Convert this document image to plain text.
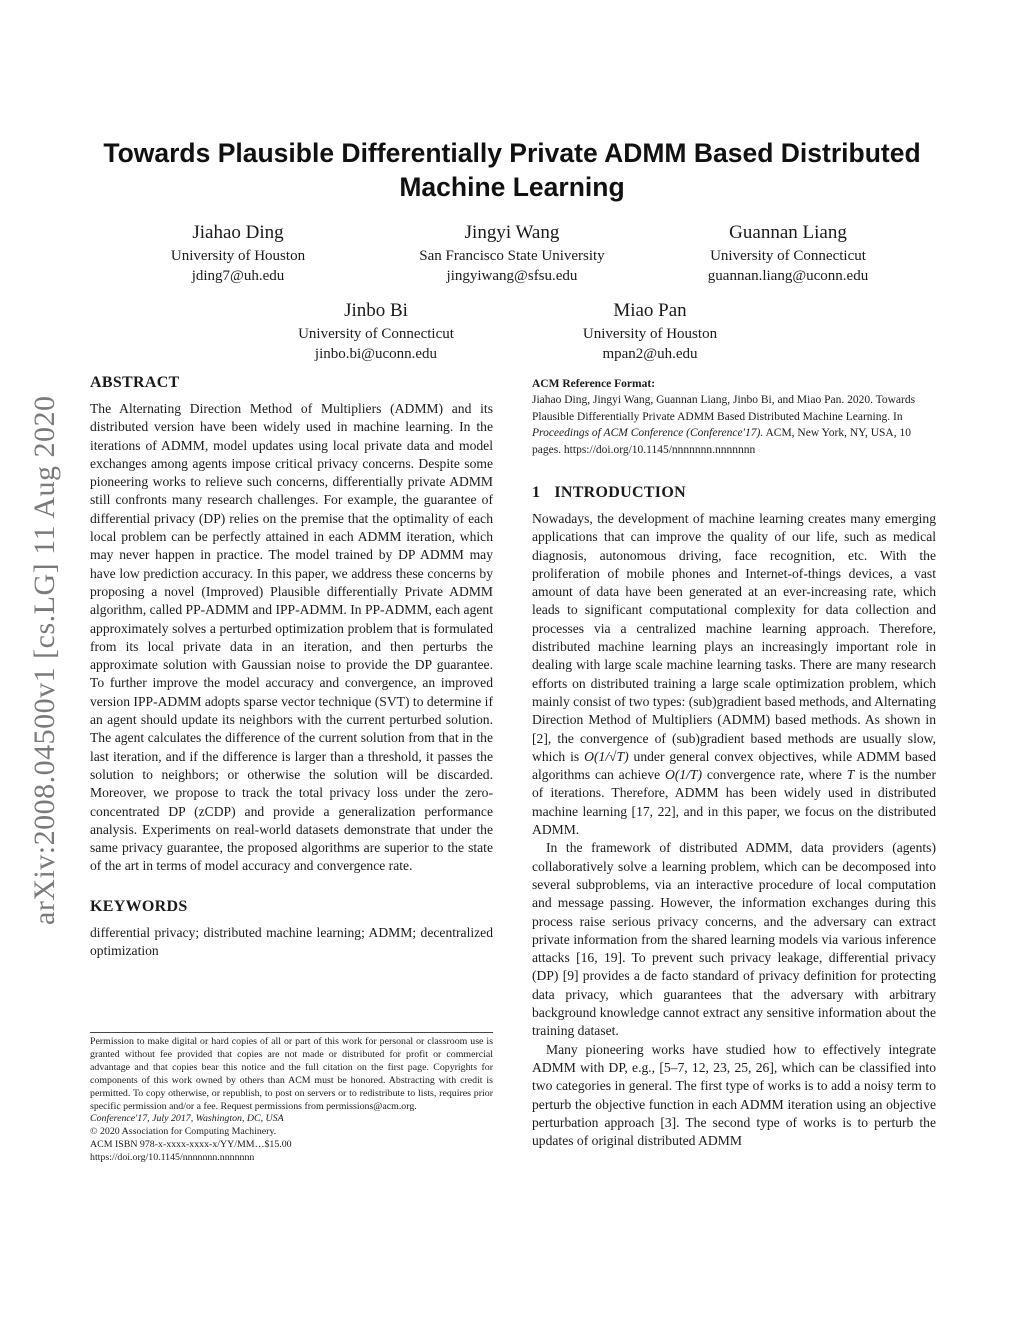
arXiv:2008.04500v1 [cs.LG] 11 Aug 2020
Towards Plausible Differentially Private ADMM Based Distributed Machine Learning
Jiahao Ding
University of Houston
jding7@uh.edu
Jingyi Wang
San Francisco State University
jingyiwang@sfsu.edu
Guannan Liang
University of Connecticut
guannan.liang@uconn.edu
Jinbo Bi
University of Connecticut
jinbo.bi@uconn.edu
Miao Pan
University of Houston
mpan2@uh.edu
ABSTRACT

The Alternating Direction Method of Multipliers (ADMM) and its distributed version have been widely used in machine learning. In the iterations of ADMM, model updates using local private data and model exchanges among agents impose critical privacy concerns. Despite some pioneering works to relieve such concerns, differentially private ADMM still confronts many research challenges. For example, the guarantee of differential privacy (DP) relies on the premise that the optimality of each local problem can be perfectly attained in each ADMM iteration, which may never happen in practice. The model trained by DP ADMM may have low prediction accuracy. In this paper, we address these concerns by proposing a novel (Improved) Plausible differentially Private ADMM algorithm, called PP-ADMM and IPP-ADMM. In PP-ADMM, each agent approximately solves a perturbed optimization problem that is formulated from its local private data in an iteration, and then perturbs the approximate solution with Gaussian noise to provide the DP guarantee. To further improve the model accuracy and convergence, an improved version IPP-ADMM adopts sparse vector technique (SVT) to determine if an agent should update its neighbors with the current perturbed solution. The agent calculates the difference of the current solution from that in the last iteration, and if the difference is larger than a threshold, it passes the solution to neighbors; or otherwise the solution will be discarded. Moreover, we propose to track the total privacy loss under the zero-concentrated DP (zCDP) and provide a generalization performance analysis. Experiments on real-world datasets demonstrate that under the same privacy guarantee, the proposed algorithms are superior to the state of the art in terms of model accuracy and convergence rate.

KEYWORDS

differential privacy; distributed machine learning; ADMM; decentralized optimization

Permission to make digital or hard copies of all or part of this work for personal or classroom use is granted without fee provided that copies are not made or distributed for profit or commercial advantage and that copies bear this notice and the full citation on the first page. Copyrights for components of this work owned by others than ACM must be honored. Abstracting with credit is permitted. To copy otherwise, or republish, to post on servers or to redistribute to lists, requires prior specific permission and/or a fee. Request permissions from permissions@acm.org.

Conference'17, July 2017, Washington, DC, USA
© 2020 Association for Computing Machinery.
ACM ISBN 978-x-xxxx-xxxx-x/YY/MM…$15.00
https://doi.org/10.1145/nnnnnnn.nnnnnnn
ACM Reference Format:

Jiahao Ding, Jingyi Wang, Guannan Liang, Jinbo Bi, and Miao Pan. 2020. Towards Plausible Differentially Private ADMM Based Distributed Machine Learning. In Proceedings of ACM Conference (Conference'17). ACM, New York, NY, USA, 10 pages. https://doi.org/10.1145/nnnnnnn.nnnnnnn

1 INTRODUCTION

Nowadays, the development of machine learning creates many emerging applications that can improve the quality of our life, such as medical diagnosis, autonomous driving, face recognition, etc. With the proliferation of mobile phones and Internet-of-things devices, a vast amount of data have been generated at an ever-increasing rate, which leads to significant computational complexity for data collection and processes via a centralized machine learning approach. Therefore, distributed machine learning plays an increasingly important role in dealing with large scale machine learning tasks. There are many research efforts on distributed training a large scale optimization problem, which mainly consist of two types: (sub)gradient based methods, and Alternating Direction Method of Multipliers (ADMM) based methods. As shown in [2], the convergence of (sub)gradient based methods are usually slow, which is O(1/√T) under general convex objectives, while ADMM based algorithms can achieve O(1/T) convergence rate, where T is the number of iterations. Therefore, ADMM has been widely used in distributed machine learning [17, 22], and in this paper, we focus on the distributed ADMM.

In the framework of distributed ADMM, data providers (agents) collaboratively solve a learning problem, which can be decomposed into several subproblems, via an interactive procedure of local computation and message passing. However, the information exchanges during this process raise serious privacy concerns, and the adversary can extract private information from the shared learning models via various inference attacks [16, 19]. To prevent such privacy leakage, differential privacy (DP) [9] provides a de facto standard of privacy definition for protecting data privacy, which guarantees that the adversary with arbitrary background knowledge cannot extract any sensitive information about the training dataset.

Many pioneering works have studied how to effectively integrate ADMM with DP, e.g., [5–7, 12, 23, 25, 26], which can be classified into two categories in general. The first type of works is to add a noisy term to perturb the objective function in each ADMM iteration using an objective perturbation approach [3]. The second type of works is to perturb the updates of original distributed ADMM
